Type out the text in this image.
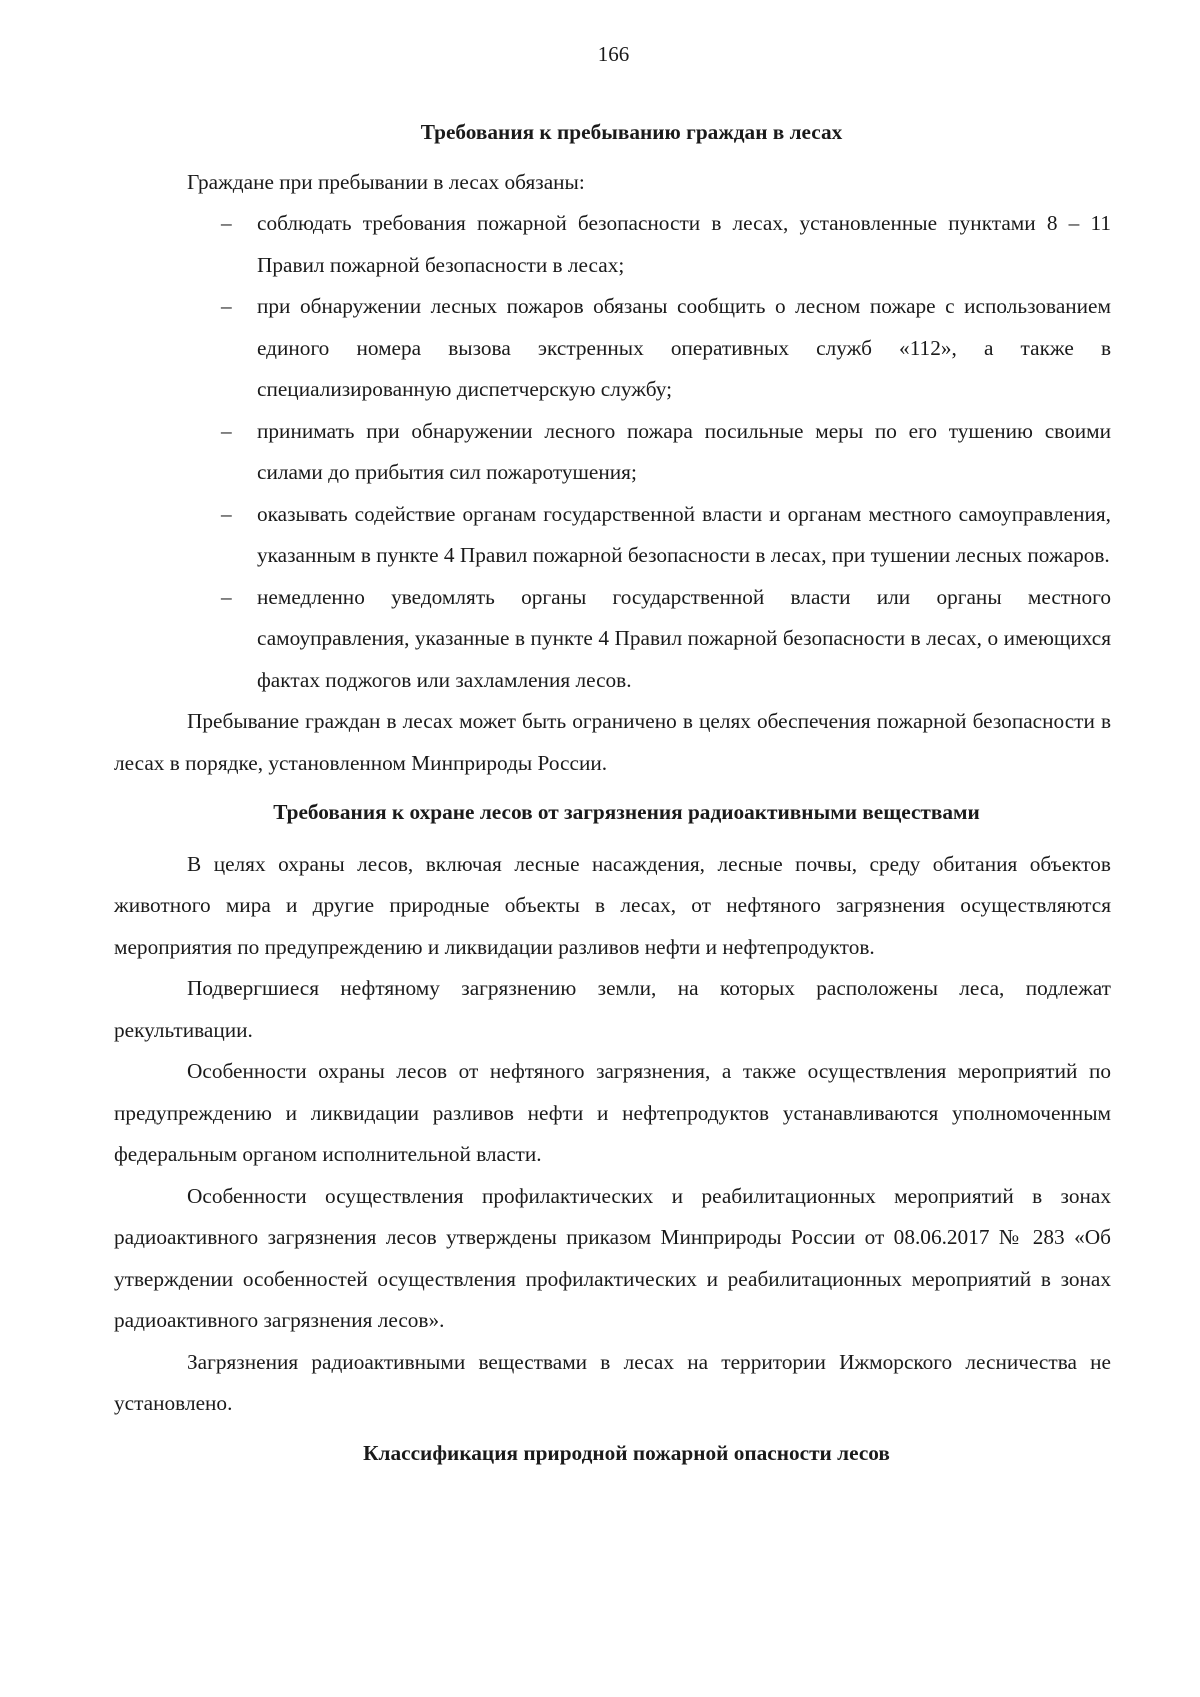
166
Требования к пребыванию граждан в лесах

Граждане при пребывании в лесах обязаны:

– соблюдать требования пожарной безопасности в лесах, установленные пунктами 8 – 11 Правил пожарной безопасности в лесах;
– при обнаружении лесных пожаров обязаны сообщить о лесном пожаре с использованием единого номера вызова экстренных оперативных служб «112», а также в специализированную диспетчерскую службу;
– принимать при обнаружении лесного пожара посильные меры по его тушению своими силами до прибытия сил пожаротушения;
– оказывать содействие органам государственной власти и органам местного самоуправления, указанным в пункте 4 Правил пожарной безопасности в лесах, при тушении лесных пожаров.
– немедленно уведомлять органы государственной власти или органы местного самоуправления, указанные в пункте 4 Правил пожарной безопасности в лесах, о имеющихся фактах поджогов или захламления лесов.

Пребывание граждан в лесах может быть ограничено в целях обеспечения пожарной безопасности в лесах в порядке, установленном Минприроды России.

Требования к охране лесов от загрязнения радиоактивными веществами

В целях охраны лесов, включая лесные насаждения, лесные почвы, среду обитания объектов животного мира и другие природные объекты в лесах, от нефтяного загрязнения осуществляются мероприятия по предупреждению и ликвидации разливов нефти и нефтепродуктов.

Подвергшиеся нефтяному загрязнению земли, на которых расположены леса, подлежат рекультивации.

Особенности охраны лесов от нефтяного загрязнения, а также осуществления мероприятий по предупреждению и ликвидации разливов нефти и нефтепродуктов устанавливаются уполномоченным федеральным органом исполнительной власти.

Особенности осуществления профилактических и реабилитационных мероприятий в зонах радиоактивного загрязнения лесов утверждены приказом Минприроды России от 08.06.2017 № 283 «Об утверждении особенностей осуществления профилактических и реабилитационных мероприятий в зонах радиоактивного загрязнения лесов».

Загрязнения радиоактивными веществами в лесах на территории Ижморского лесничества не установлено.

Классификация природной пожарной опасности лесов
